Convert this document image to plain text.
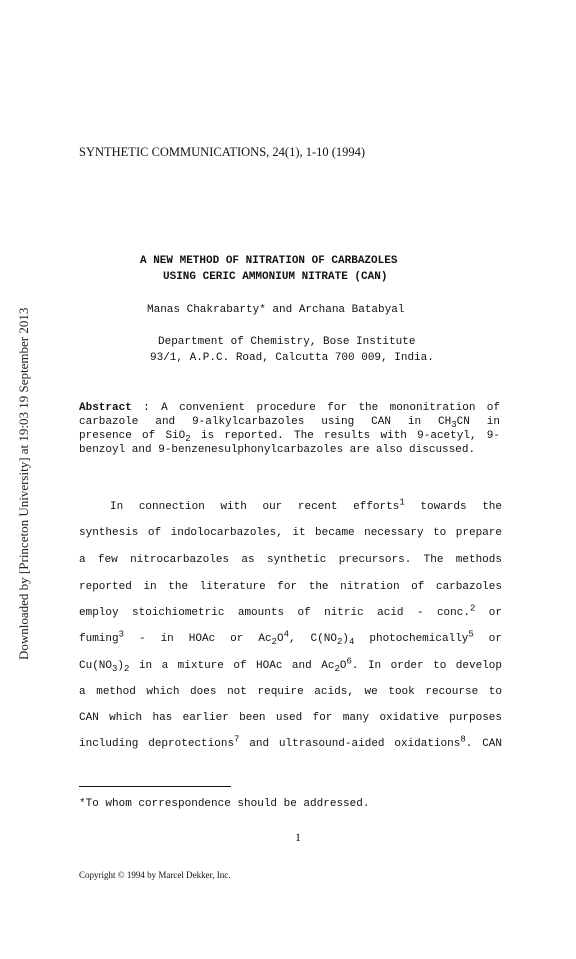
Downloaded by [Princeton University] at 19:03 19 September 2013
SYNTHETIC COMMUNICATIONS, 24(1), 1-10 (1994)
A NEW METHOD OF NITRATION OF CARBAZOLES
USING CERIC AMMONIUM NITRATE (CAN)
Manas Chakrabarty* and Archana Batabyal
Department of Chemistry, Bose Institute
93/1, A.P.C. Road, Calcutta 700 009, India.
Abstract : A convenient procedure for the mononitration of
carbazole and 9-alkylcarbazoles using CAN in $CH_3CN$ in
presence of SiO$_2$ is reported. The results with 9-acetyl, 9-
benzoyl and 9-benzenesulphonylcarbazoles are also discussed.
In connection with our recent efforts$^1$ towards the
synthesis of indolocarbazoles, it became necessary to prepare
a few nitrocarbazoles as synthetic precursors. The methods
reported in the literature for the nitration of carbazoles
employ stoichiometric amounts of nitric acid - conc.$^2$ or
fuming$^3$ - in HOAc or $Ac_2O^4$, $C(NO_2)_4$ photochemically$^5$ or
$Cu(NO_3)_2$ in a mixture of HOAc and $Ac_2O^6$. In order to develop
a method which does not require acids, we took recourse to
CAN which has earlier been used for many oxidative purposes
including deprotections$^7$ and ultrasound-aided oxidations$^8$. CAN
*To whom correspondence should be addressed.
1
Copyright © 1994 by Marcel Dekker, Inc.
